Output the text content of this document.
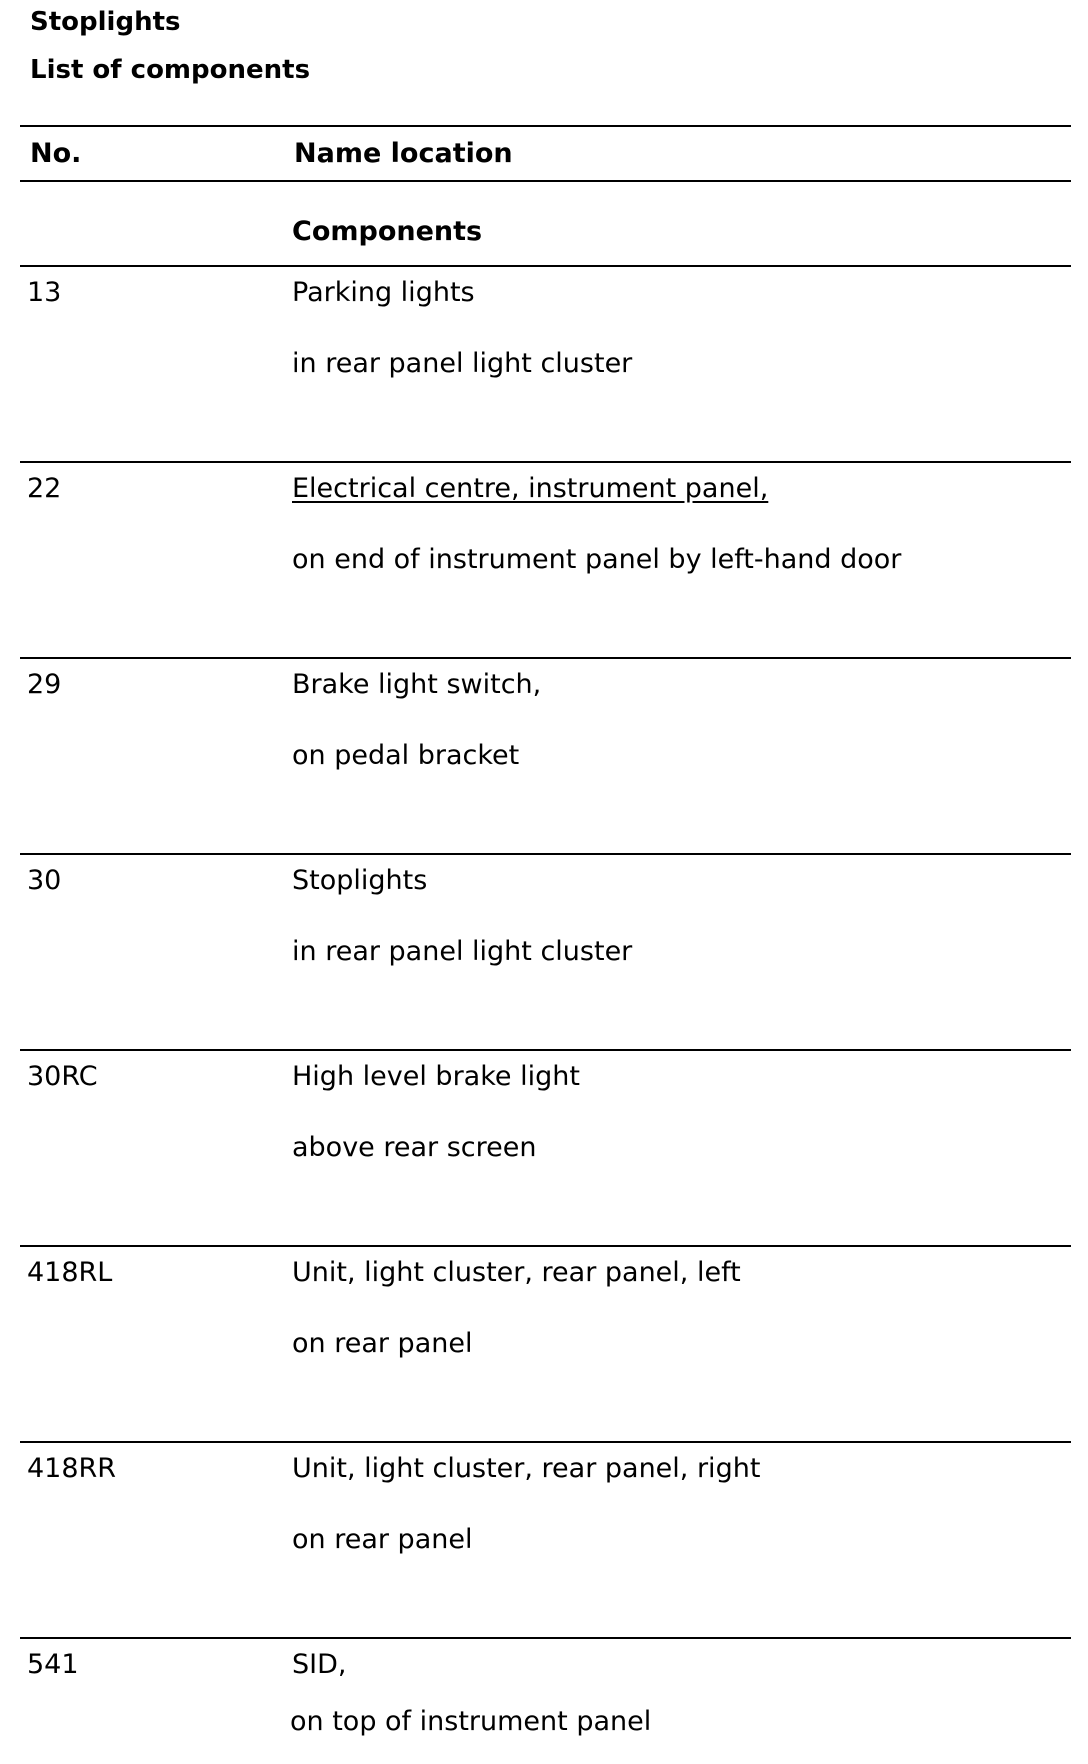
Stoplights
List of components
No.	Name location
Components
13	Parking lights
in rear panel light cluster
22	Electrical centre, instrument panel,
on end of instrument panel by left-hand door
29	Brake light switch,
on pedal bracket
30	Stoplights
in rear panel light cluster
30RC	High level brake light
above rear screen
418RL	Unit, light cluster, rear panel, left
on rear panel
418RR	Unit, light cluster, rear panel, right
on rear panel
541	SID,
on top of instrument panel
